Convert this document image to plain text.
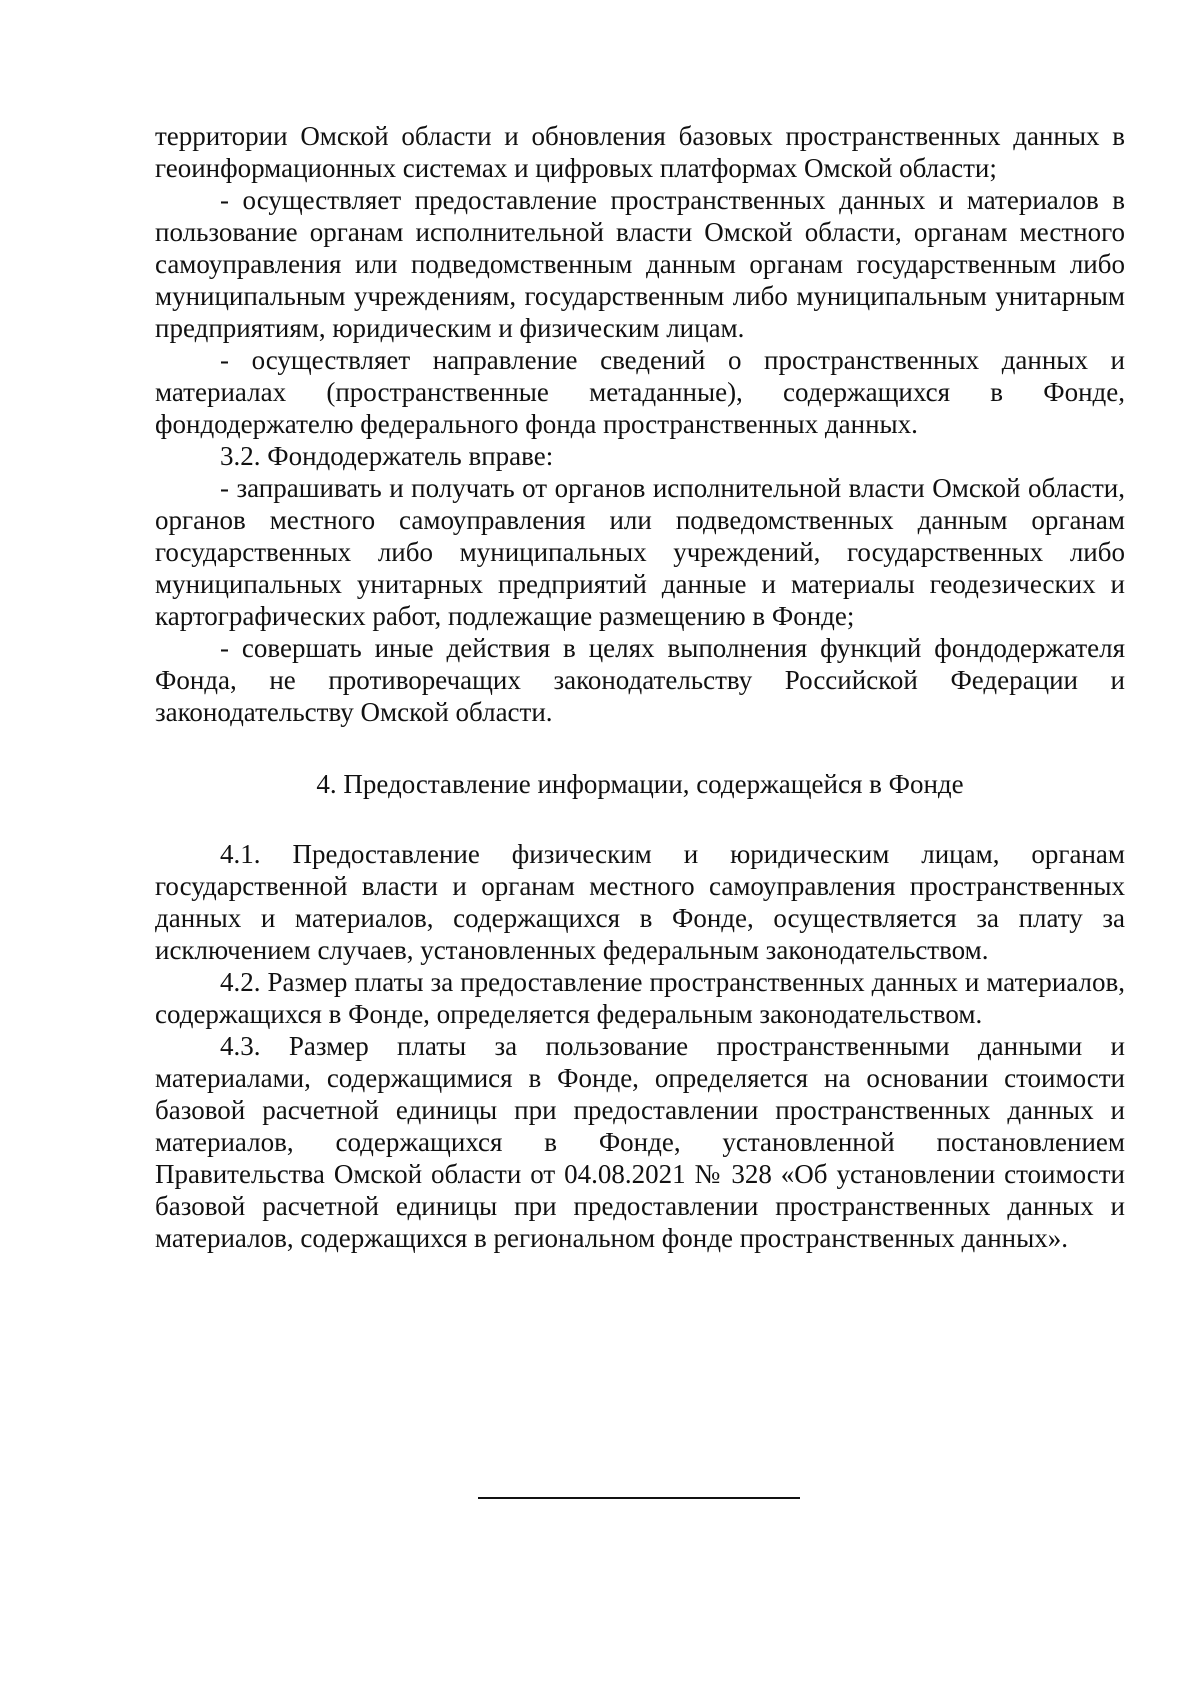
территории Омской области и обновления базовых пространственных данных в геоинформационных системах и цифровых платформах Омской области;

- осуществляет предоставление пространственных данных и материалов в пользование органам исполнительной власти Омской области, органам местного самоуправления или подведомственным данным органам государственным либо муниципальным учреждениям, государственным либо муниципальным унитарным предприятиям, юридическим и физическим лицам.

- осуществляет направление сведений о пространственных данных и материалах (пространственные метаданные), содержащихся в Фонде, фондодержателю федерального фонда пространственных данных.

3.2. Фондодержатель вправе:

- запрашивать и получать от органов исполнительной власти Омской области, органов местного самоуправления или подведомственных данным органам государственных либо муниципальных учреждений, государственных либо муниципальных унитарных предприятий данные и материалы геодезических и картографических работ, подлежащие размещению в Фонде;

- совершать иные действия в целях выполнения функций фондодержателя Фонда, не противоречащих законодательству Российской Федерации и законодательству Омской области.

4. Предоставление информации, содержащейся в Фонде

4.1. Предоставление физическим и юридическим лицам, органам государственной власти и органам местного самоуправления пространственных данных и материалов, содержащихся в Фонде, осуществляется за плату за исключением случаев, установленных федеральным законодательством.

4.2. Размер платы за предоставление пространственных данных и материалов, содержащихся в Фонде, определяется федеральным законодательством.

4.3. Размер платы за пользование пространственными данными и материалами, содержащимися в Фонде, определяется на основании стоимости базовой расчетной единицы при предоставлении пространственных данных и материалов, содержащихся в Фонде, установленной постановлением Правительства Омской области от 04.08.2021 № 328 «Об установлении стоимости базовой расчетной единицы при предоставлении пространственных данных и материалов, содержащихся в региональном фонде пространственных данных».
